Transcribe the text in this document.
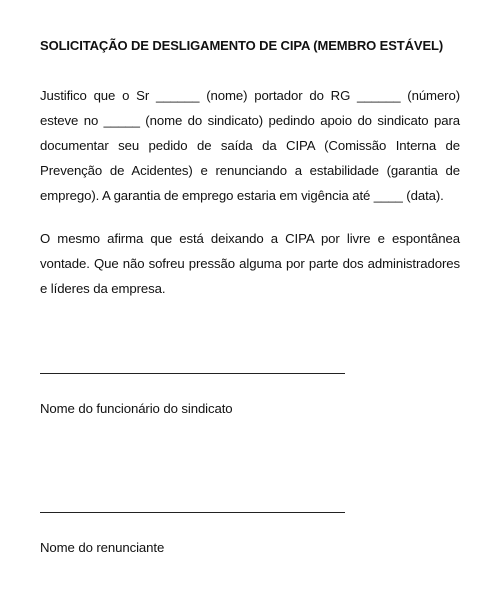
SOLICITAÇÃO DE DESLIGAMENTO DE CIPA (MEMBRO ESTÁVEL)

Justifico que o Sr ______ (nome) portador do RG ______ (número) esteve no _____ (nome do sindicato) pedindo apoio do sindicato para documentar seu pedido de saída da CIPA (Comissão Interna de Prevenção de Acidentes) e renunciando a estabilidade (garantia de emprego). A garantia de emprego estaria em vigência até ____ (data).

O mesmo afirma que está deixando a CIPA por livre e espontânea vontade. Que não sofreu pressão alguma por parte dos administradores e líderes da empresa.

Nome do funcionário do sindicato
Nome do renunciante
